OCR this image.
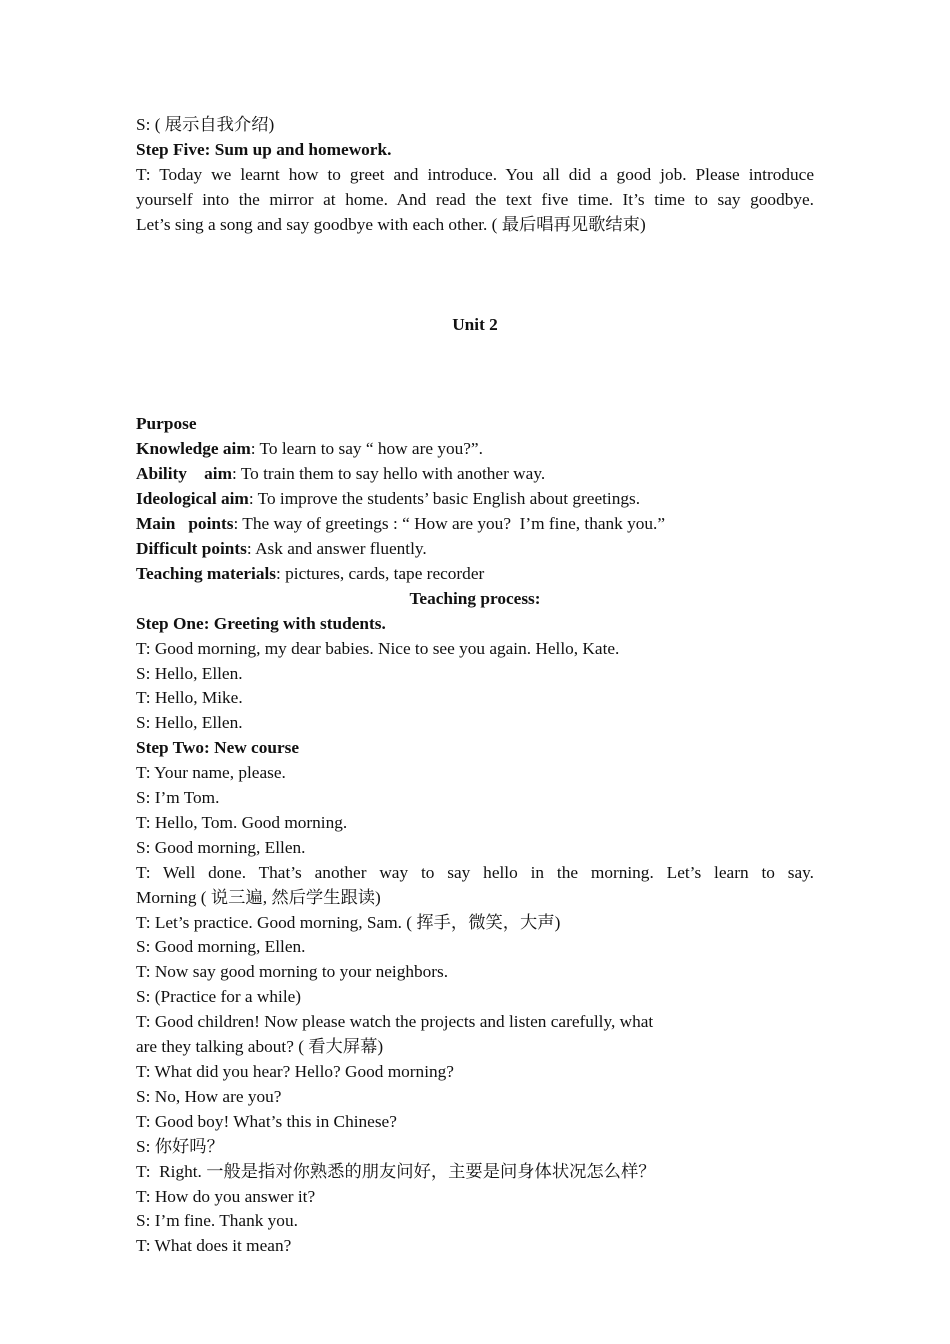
S: ( 展示自我介绍)
Step Five: Sum up and homework.
T: Today we learnt how to greet and introduce. You all did a good job. Please introduce
yourself into the mirror at home. And read the text five time. It’s time to say goodbye.
Let’s sing a song and say goodbye with each other. ( 最后唱再见歌结束)
Unit 2
Purpose
Knowledge aim: To learn to say “ how are you?”.
Ability    aim: To train them to say hello with another way.
Ideological aim: To improve the students’ basic English about greetings.
Main   points: The way of greetings : “ How are you?  I’m fine, thank you.”
Difficult points: Ask and answer fluently.
Teaching materials: pictures, cards, tape recorder
Teaching process:
Step One: Greeting with students.
T: Good morning, my dear babies. Nice to see you again. Hello, Kate.
S: Hello, Ellen.
T: Hello, Mike.
S: Hello, Ellen.
Step Two: New course
T: Your name, please.
S: I’m Tom.
T: Hello, Tom. Good morning.
S: Good morning, Ellen.
T: Well done. That’s another way to say hello in the morning. Let’s learn to say.
Morning ( 说三遍, 然后学生跟读)
T: Let’s practice. Good morning, Sam. ( 挥手，微笑，大声)
S: Good morning, Ellen.
T: Now say good morning to your neighbors.
S: (Practice for a while)
T: Good children! Now please watch the projects and listen carefully, what
are they talking about? ( 看大屏幕)
T: What did you hear? Hello? Good morning?
S: No, How are you?
T: Good boy! What’s this in Chinese?
S: 你好吗？
T:  Right. 一般是指对你熟悉的朋友问好，主要是问身体状况怎么样？
T: How do you answer it?
S: I’m fine. Thank you.
T: What does it mean?
